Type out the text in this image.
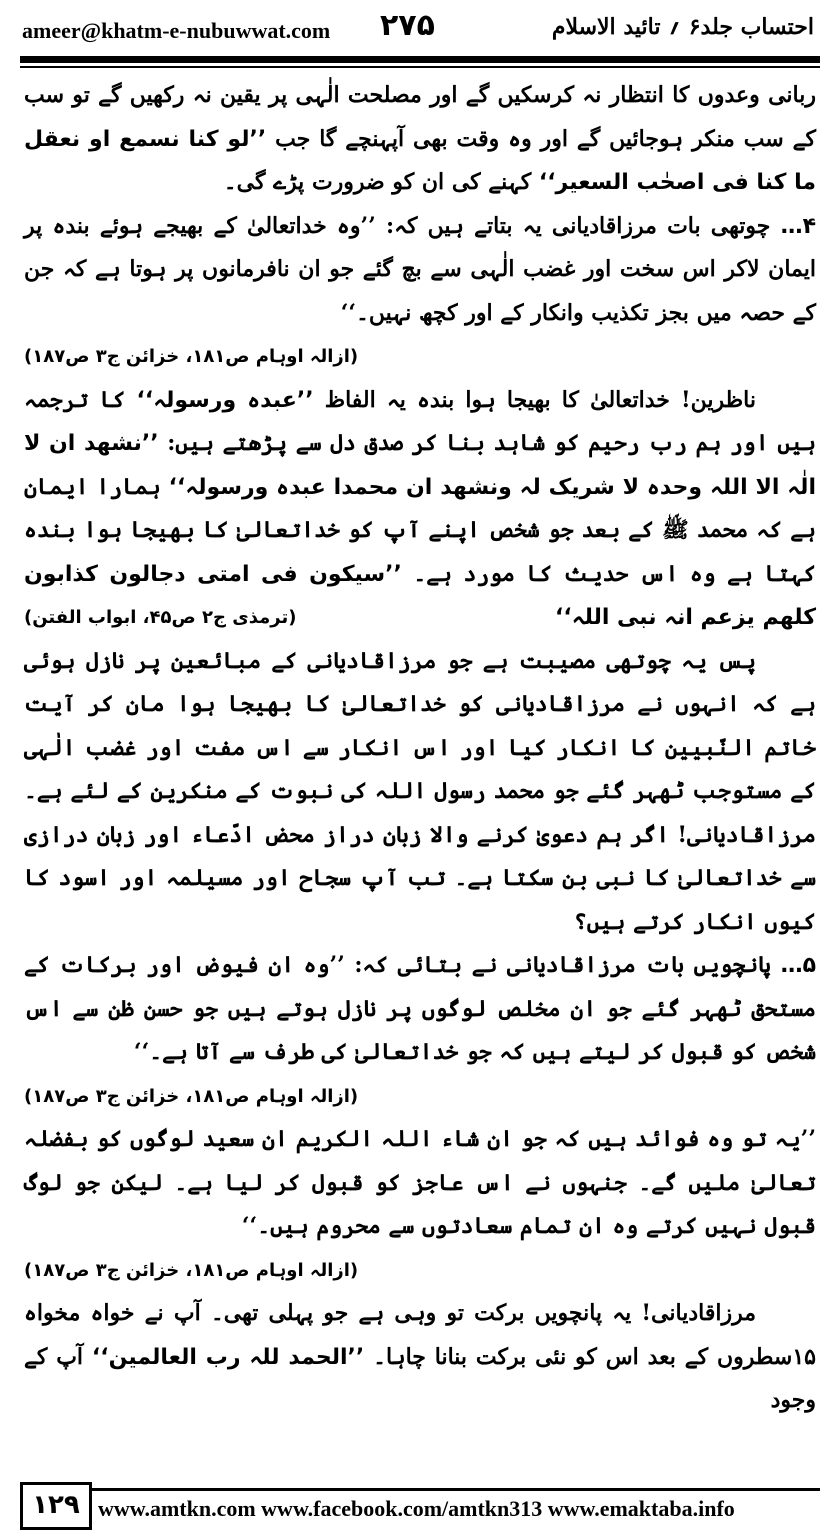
ameer@khatm-e-nubuwwat.com ۲۷۵	احتساب جلد۶ ؍ تائید الاسلام

ربانی وعدوں کا انتظار نہ کرسکیں گے اور مصلحت الٰہی پر یقین نہ رکھیں گے تو سب کے سب منکر ہوجائیں گے اور وہ وقت بھی آپہنچے گا جب ’’لو کنا نسمع او نعقل ما کنا فی اصحٰب السعیر‘‘ کہنے کی ان کو ضرورت پڑے گی۔

۴… چوتھی بات مرزاقادیانی یہ بتاتے ہیں کہ: ’’وہ خداتعالیٰ کے بھیجے ہوئے بندہ پر ایمان لاکر اس سخت اور غضب الٰہی سے بچ گئے جو ان نافرمانوں پر ہوتا ہے کہ جن کے حصہ میں بجز تکذیب وانکار کے اور کچھ نہیں۔‘‘
(ازالہ اوہام ص۱۸۱، خزائن ج۳ ص۱۸۷)

ناظرین! خداتعالیٰ کا بھیجا ہوا بندہ یہ الفاظ ’’عبدہ ورسولہ‘‘ کا ترجمہ ہیں اور ہم رب رحیم کو شاہد بنا کر صدق دل سے پڑھتے ہیں: ’’نشھد ان لا الٰہ الا اللہ وحدہ لا شریک لہ ونشھد ان محمدا عبدہ ورسولہ‘‘ ہمارا ایمان ہے کہ محمد ﷺ کے بعد جو شخص اپنے آپ کو خداتعالیٰ کا بھیجا ہوا بندہ کہتا ہے وہ اس حدیث کا مورد ہے۔ ’’سیکون فی امتی دجالون کذابون کلھم یزعم انہ نبی اللہ‘‘
(ترمذی ج۲ ص۴۵، ابواب الفتن)

پس یہ چوتھی مصیبت ہے جو مرزاقادیانی کے مبائعین پر نازل ہوئی ہے کہ انہوں نے مرزاقادیانی کو خداتعالیٰ کا بھیجا ہوا مان کر آیت خاتم النّبیین کا انکار کیا اور اس انکار سے اس مفت اور غضب الٰہی کے مستوجب ٹھہر گئے جو محمد رسول اللہ کی نبوت کے منکرین کے لئے ہے۔ مرزاقادیانی! اگر ہم دعویٰ کرنے والا زبان دراز محض ادّعاء اور زبان درازی سے خداتعالیٰ کا نبی بن سکتا ہے۔ تب آپ سجاح اور مسیلمہ اور اسود کا کیوں انکار کرتے ہیں؟

۵… پانچویں بات مرزاقادیانی نے بتائی کہ: ’’وہ ان فیوض اور برکات کے مستحق ٹھہر گئے جو ان مخلص لوگوں پر نازل ہوتے ہیں جو حسن ظن سے اس شخص کو قبول کر لیتے ہیں کہ جو خداتعالیٰ کی طرف سے آتا ہے۔‘‘
(ازالہ اوہام ص۱۸۱، خزائن ج۳ ص۱۸۷)

’’یہ تو وہ فوائد ہیں کہ جو ان شاء اللہ الکریم ان سعید لوگوں کو بفضلہ تعالیٰ ملیں گے۔ جنہوں نے اس عاجز کو قبول کر لیا ہے۔ لیکن جو لوگ قبول نہیں کرتے وہ ان تمام سعادتوں سے محروم ہیں۔‘‘
(ازالہ اوہام ص۱۸۱، خزائن ج۳ ص۱۸۷)

مرزاقادیانی! یہ پانچویں برکت تو وہی ہے جو پہلی تھی۔ آپ نے خواہ مخواہ ۱۵سطروں کے بعد اس کو نئی برکت بنانا چاہا۔ ’’الحمد للہ رب العالمین‘‘ آپ کے وجود

۱۲۹ www.amtkn.com www.facebook.com/amtkn313 www.emaktaba.info
